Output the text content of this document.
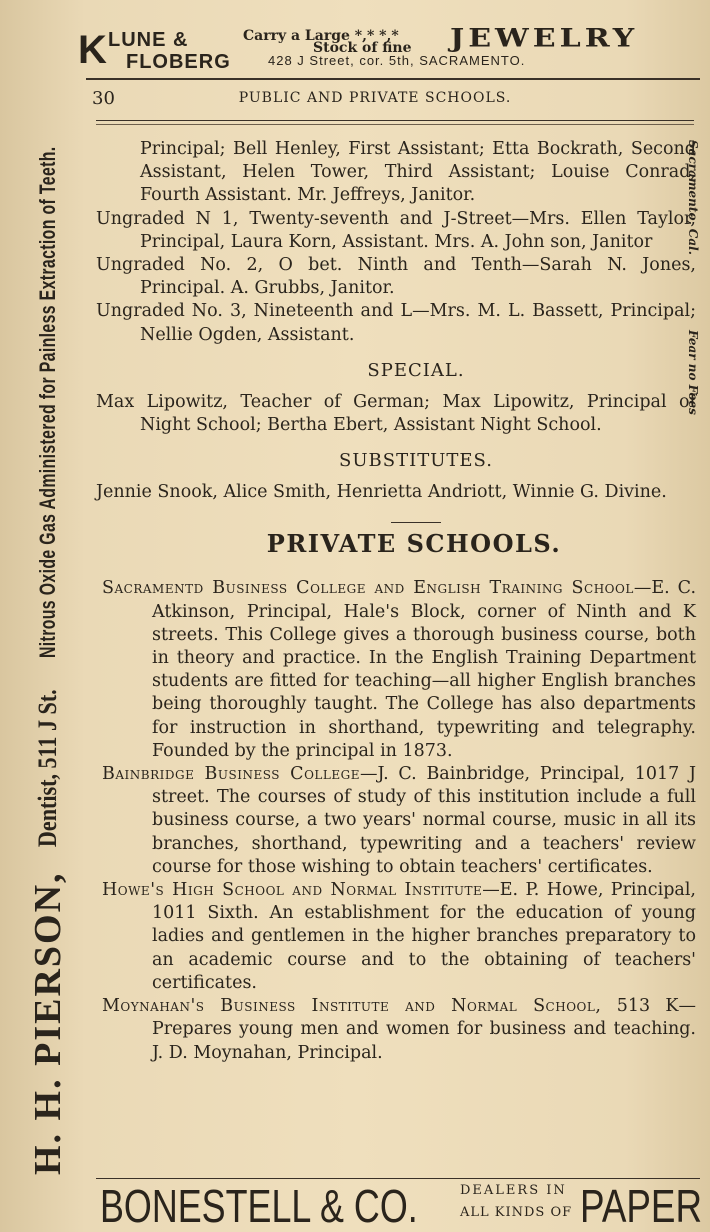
K LUNE &
FLOBERG
Carry a Large *,* *,*
Stock of fine
428 J Street, cor. 5th, SACRAMENTO.
JEWELRY
H. H. PIERSON, Dentist, 511 J St. Nitrous Oxide Gas Administered for Painless Extraction of Teeth.	Sacramento, Cal.
Fear no Foes
30	PUBLIC AND PRIVATE SCHOOLS.

Principal; Bell Henley, First Assistant; Etta Bockrath, Second Assistant, Helen Tower, Third Assistant; Louise Conrad, Fourth Assistant. Mr. Jeffreys, Janitor.

Ungraded N 1, Twenty-seventh and J-Street—Mrs. Ellen Taylor, Principal, Laura Korn, Assistant. Mrs. A. John son, Janitor

Ungraded No. 2, O bet. Ninth and Tenth—Sarah N. Jones, Principal. A. Grubbs, Janitor.

Ungraded No. 3, Nineteenth and L—Mrs. M. L. Bassett, Principal; Nellie Ogden, Assistant.

SPECIAL.

Max Lipowitz, Teacher of German; Max Lipowitz, Principal of Night School; Bertha Ebert, Assistant Night School.

SUBSTITUTES.

Jennie Snook, Alice Smith, Henrietta Andriott, Winnie G. Divine.

PRIVATE SCHOOLS.

Sacramentd Business College and English Training School—E. C. Atkinson, Principal, Hale's Block, corner of Ninth and K streets. This College gives a thorough business course, both in theory and practice. In the English Training Department students are fitted for teaching—all higher English branches being thoroughly taught. The College has also departments for instruction in shorthand, typewriting and telegraphy. Founded by the principal in 1873.

Bainbridge Business College—J. C. Bainbridge, Principal, 1017 J street. The courses of study of this institution include a full business course, a two years' normal course, music in all its branches, shorthand, typewriting and a teachers' review course for those wishing to obtain teachers' certificates.

Howe's High School and Normal Institute—E. P. Howe, Principal, 1011 Sixth. An establishment for the education of young ladies and gentlemen in the higher branches preparatory to an academic course and to the obtaining of teachers' certificates.

Moynahan's Business Institute and Normal School, 513 K—Prepares young men and women for business and teaching. J. D. Moynahan, Principal.

BONESTELL & CO.	DEALERS IN
ALL KINDS OF PAPER
